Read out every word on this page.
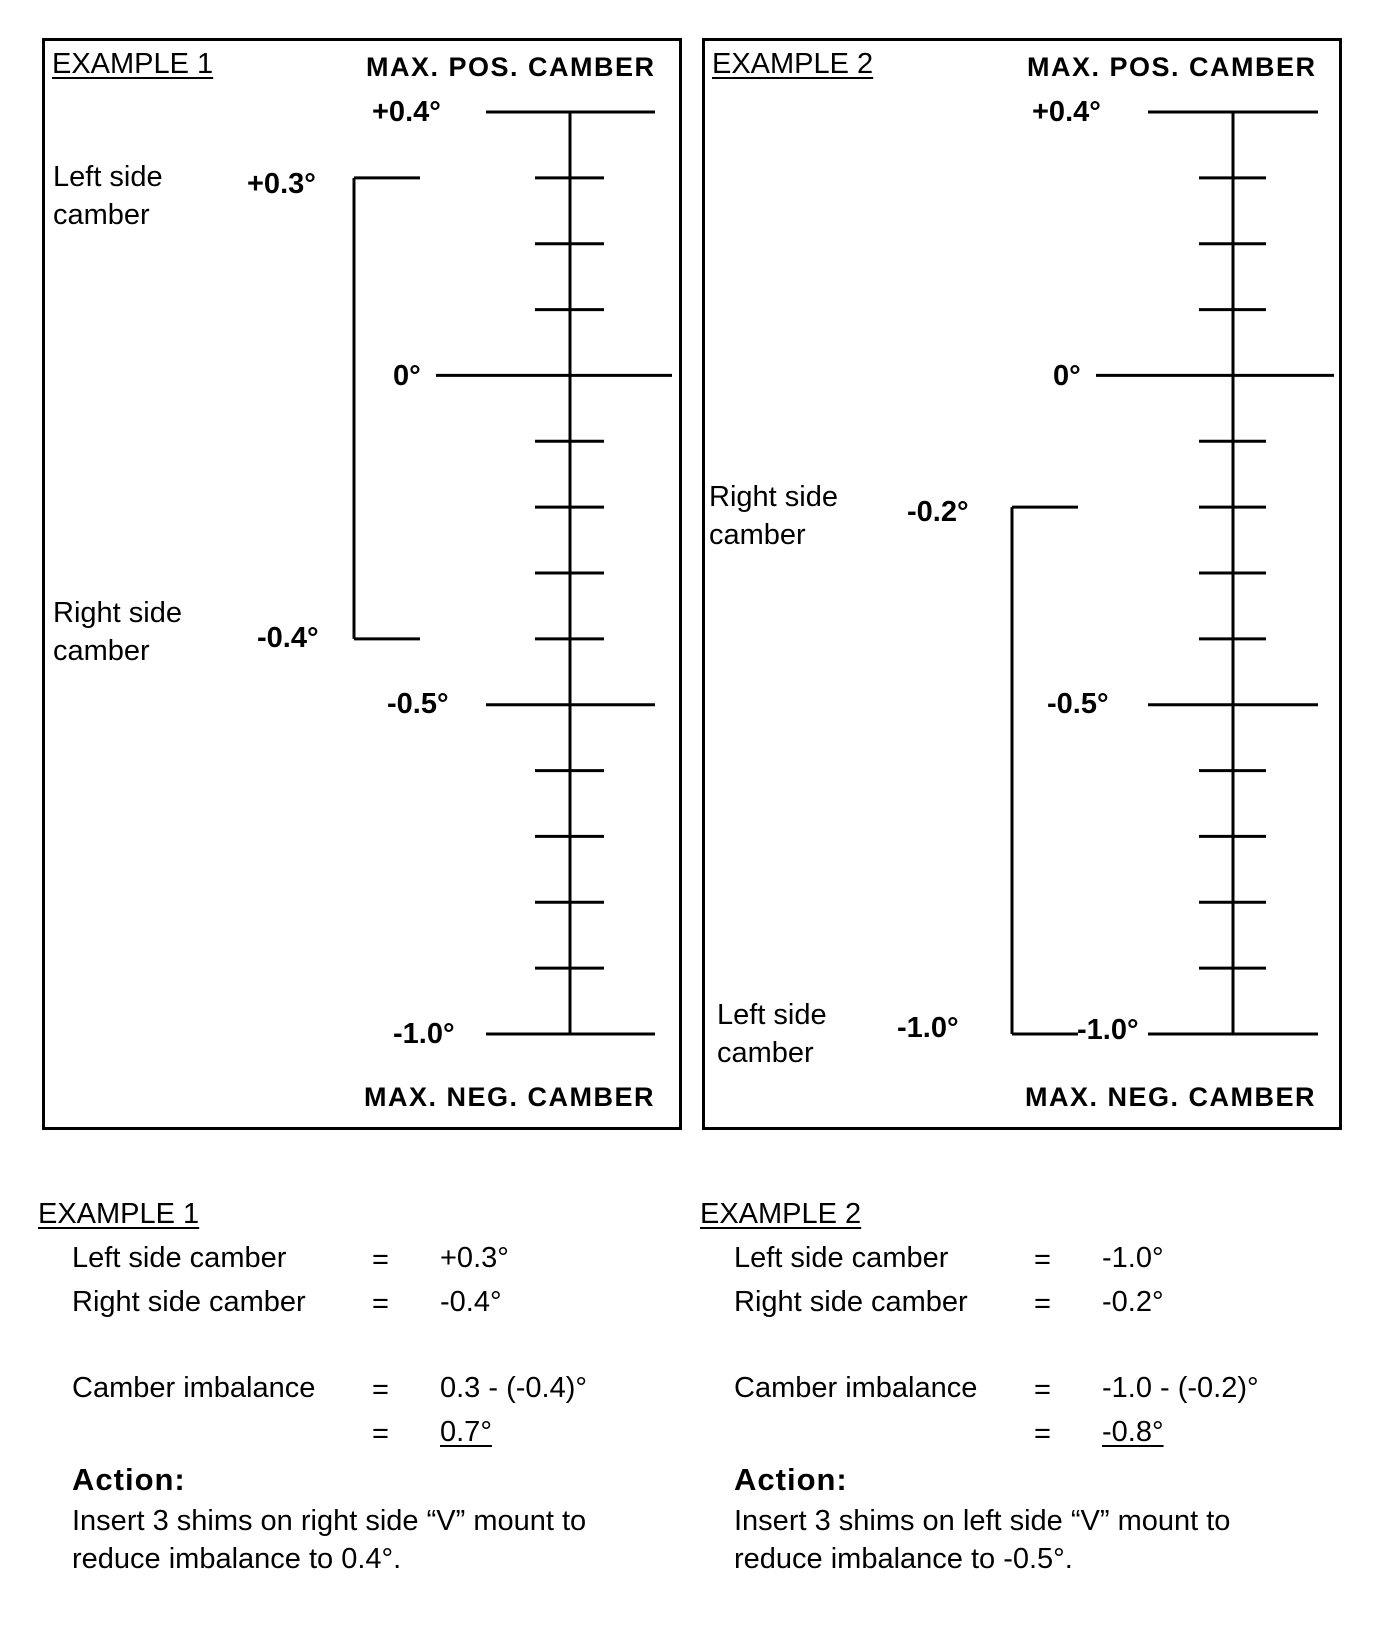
EXAMPLE 1	MAX. POS. CAMBER
MAX. NEG. CAMBER
+0.4°
0°
-0.5°
-1.0°
Left side camber
+0.3°
Right side camber	-0.4°
EXAMPLE 2	MAX. POS. CAMBER
MAX. NEG. CAMBER
+0.4°
0°
-0.5°
-1.0°
Right side camber
-0.2°
Left side camber
-1.0°
EXAMPLE 1
Left side camber	= +0.3°
Right side camber = -0.4°
Camber imbalance = 0.3 - (-0.4)°
= 0.7°
Action:
Insert 3 shims on right side “V” mount to reduce imbalance to 0.4°.
EXAMPLE 2
Left side camber	= -1.0°
Right side camber = -0.2°
Camber imbalance = -1.0 - (-0.2)°
= -0.8°
Action:
Insert 3 shims on left side “V” mount to reduce imbalance to -0.5°.
